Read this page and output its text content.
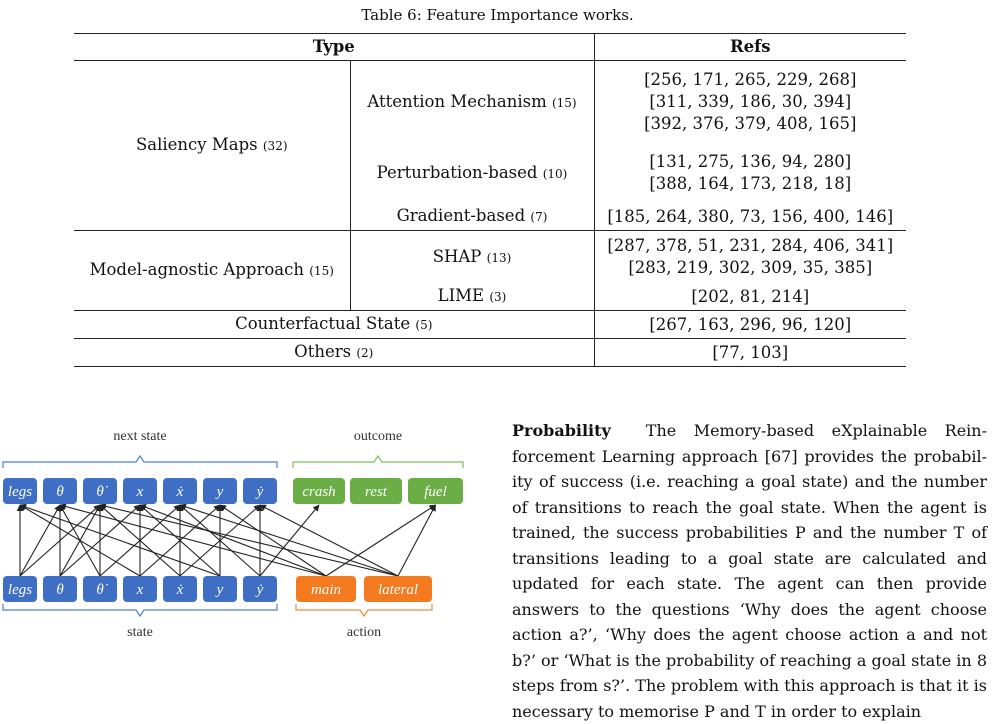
Table 6: Feature Importance works.
Type		Refs
Saliency Maps (32)	Attention Mechanism (15)	[256, 171, 265, 229, 268]
[311, 339, 186, 30, 394]
[392, 376, 379, 408, 165]

	Perturbation-based (10)	[131, 275, 136, 94, 280]
[388, 164, 173, 218, 18]

	Gradient-based (7)	[185, 264, 380, 73, 156, 400, 146]

Model-agnostic Approach (15)	SHAP (13)	[287, 378, 51, 231, 284, 406, 341]
[283, 219, 302, 309, 35, 385]

	LIME (3)	[202, 81, 214]

Counterfactual State (5)		[267, 163, 296, 96, 120]

Others (2)		[77, 103]
legs θ θ̇	x ẋ y ẏ	crash rest fuel
legs θ θ̇	x ẋ y ẏ	main lateral
next state	outcome
state	action
Probability The Memory-based eXplainable Rein- forcement Learning approach [67] provides the probabil- ity of success (i.e. reaching a goal state) and the number of transitions to reach the goal state. When the agent is trained, the success probabilities P and the number T of transitions leading to a goal state are calculated and updated for each state. The agent can then provide answers to the questions ‘Why does the agent choose action a?’, ‘Why does the agent choose action a and not b?’ or ‘What is the probability of reaching a goal state in 8 steps from s?’. The problem with this approach is that it is necessary to memorise P and T in order to explain
